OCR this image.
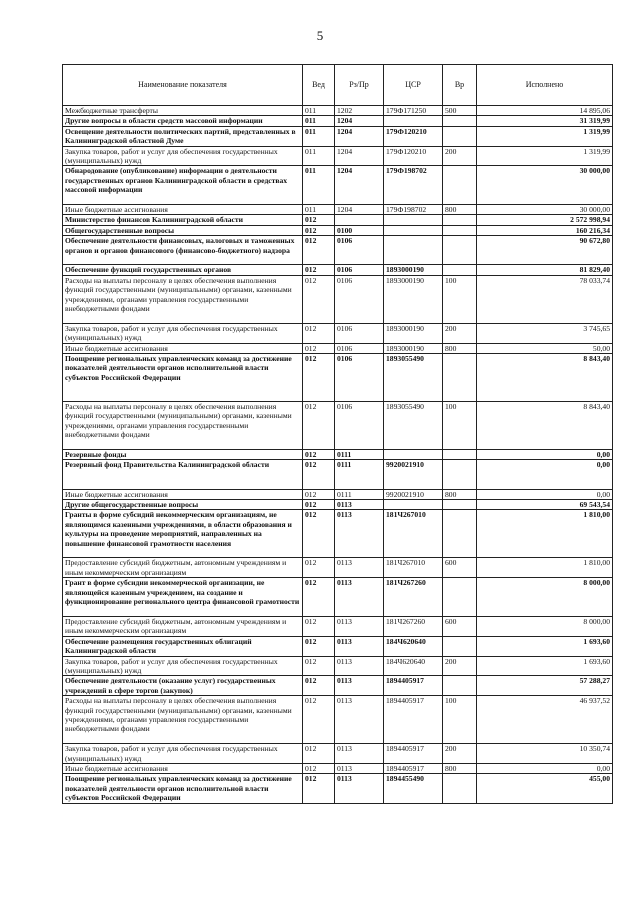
5
Наименование показателя	Вед	Рз/Пр	ЦСР	Вр	Исполнено
Межбюджетные трансферты	011	1202	179Ф171250	500	14 895,06
Другие вопросы в области средств массовой информации	011	1204			31 319,99
Освещение деятельности политических партий, представленных в Калининградской областной Думе	011	1204	179Ф120210		1 319,99
Закупка товаров, работ и услуг для обеспечения государственных (муниципальных) нужд	011	1204	179Ф120210	200	1 319,99
Обнародование (опубликование) информации о деятельности государственных органов Калининградской области в средствах массовой информации	011	1204	179Ф198702		30 000,00
Иные бюджетные ассигнования	011	1204	179Ф198702	800	30 000,00
Министерство финансов Калининградской области	012				2 572 998,94
Общегосударственные вопросы	012	0100			160 216,34
Обеспечение деятельности финансовых, налоговых и таможенных органов и органов финансового (финансово-бюджетного) надзора	012	0106			90 672,80
Обеспечение функций государственных органов	012	0106	1893000190		81 829,40
Расходы на выплаты персоналу в целях обеспечения выполнения функций государственными (муниципальными) органами, казенными учреждениями, органами управления государственными внебюджетными фондами	012	0106	1893000190	100	78 033,74
Закупка товаров, работ и услуг для обеспечения государственных (муниципальных) нужд	012	0106	1893000190	200	3 745,65
Иные бюджетные ассигнования	012	0106	1893000190	800	50,00
Поощрение региональных управленческих команд за достижение показателей деятельности органов исполнительной власти субъектов Российской Федерации	012	0106	1893055490		8 843,40
Расходы на выплаты персоналу в целях обеспечения выполнения функций государственными (муниципальными) органами, казенными учреждениями, органами управления государственными внебюджетными фондами	012	0106	1893055490	100	8 843,40
Резервные фонды	012	0111			0,00
Резервный фонд Правительства Калининградской области	012	0111	9920021910		0,00
Иные бюджетные ассигнования	012	0111	9920021910	800	0,00
Другие общегосударственные вопросы	012	0113			69 543,54
Гранты в форме субсидий некоммерческим организациям, не являющимся казенными учреждениями, в области образования и культуры на проведение мероприятий, направленных на повышение финансовой грамотности населения	012	0113	181Ч267010		1 810,00
Предоставление субсидий бюджетным, автономным учреждениям и иным некоммерческим организациям	012	0113	181Ч267010	600	1 810,00
Грант в форме субсидии некоммерческой организации, не являющейся казенным учреждением, на создание и функционирование регионального центра финансовой грамотности	012	0113	181Ч267260		8 000,00
Предоставление субсидий бюджетным, автономным учреждениям и иным некоммерческим организациям	012	0113	181Ч267260	600	8 000,00
Обеспечение размещения государственных облигаций Калининградской области	012	0113	184Ч620640		1 693,60
Закупка товаров, работ и услуг для обеспечения государственных (муниципальных) нужд	012	0113	184Ч620640	200	1 693,60
Обеспечение деятельности (оказание услуг) государственных учреждений в сфере торгов (закупок)	012	0113	1894405917		57 288,27
Расходы на выплаты персоналу в целях обеспечения выполнения функций государственными (муниципальными) органами, казенными учреждениями, органами управления государственными внебюджетными фондами	012	0113	1894405917	100	46 937,52
Закупка товаров, работ и услуг для обеспечения государственных (муниципальных) нужд	012	0113	1894405917	200	10 350,74
Иные бюджетные ассигнования	012	0113	1894405917	800	0,00
Поощрение региональных управленческих команд за достижение показателей деятельности органов исполнительной власти субъектов Российской Федерации	012	0113	1894455490		455,00
